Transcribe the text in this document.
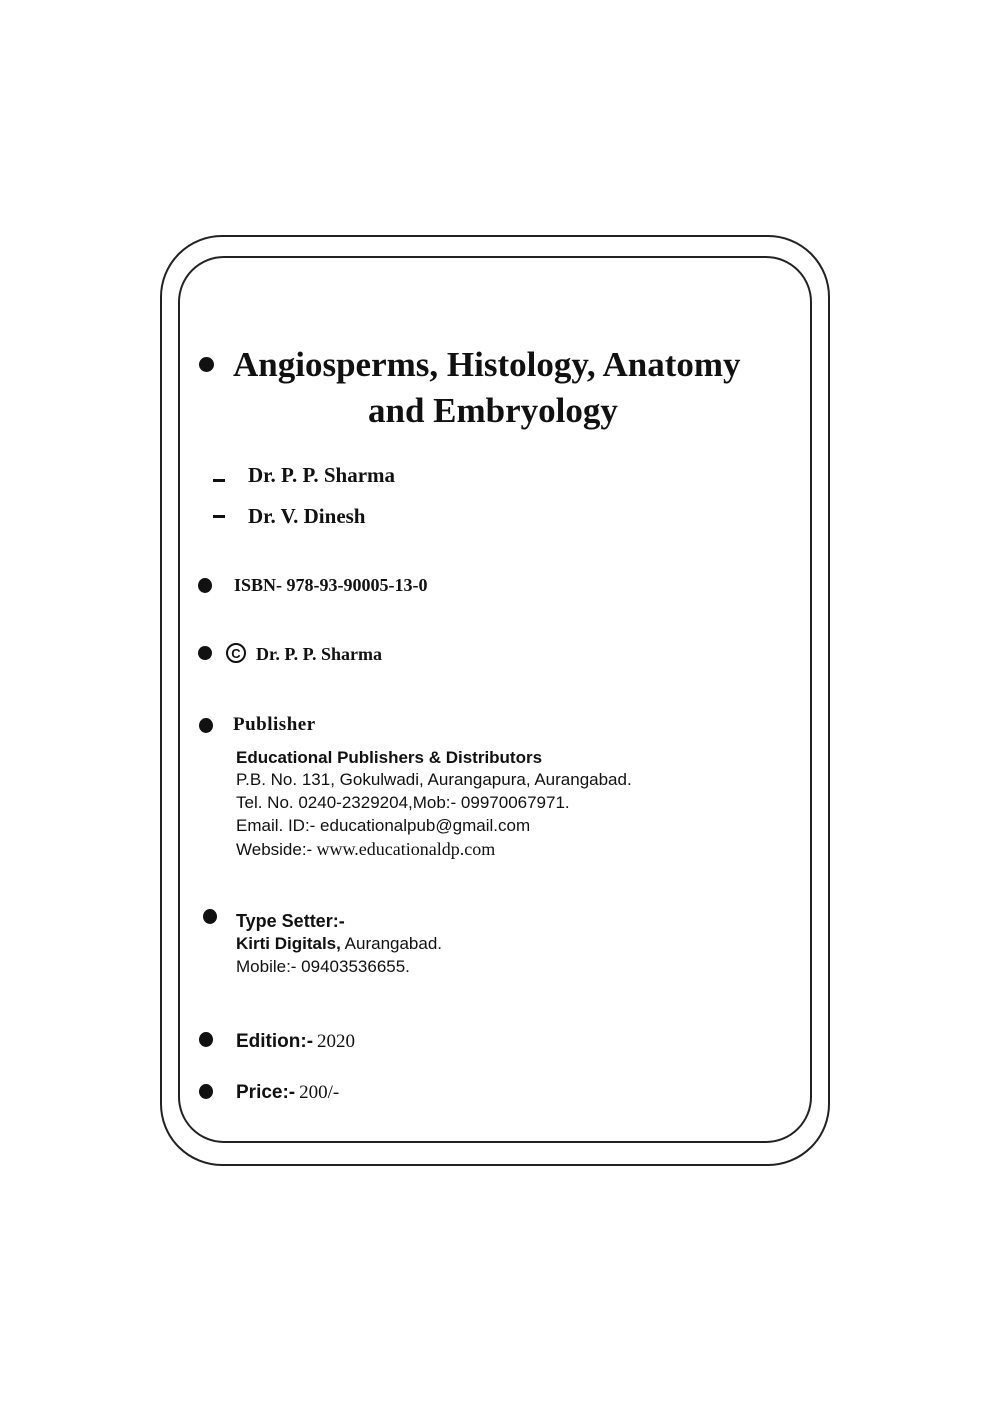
Angiosperms, Histology, Anatomy
and Embryology
Dr. P. P. Sharma
Dr. V. Dinesh
ISBN- 978-93-90005-13-0
C Dr. P. P. Sharma
Publisher
Educational Publishers & Distributors
P.B. No. 131, Gokulwadi, Aurangapura, Aurangabad.
Tel. No. 0240-2329204,Mob:- 09970067971.
Email. ID:- educationalpub@gmail.com
Webside:- www.educationaldp.com
Type Setter:-
Kirti Digitals, Aurangabad.
Mobile:- 09403536655.
Edition:- 2020
Price:- 200/-
